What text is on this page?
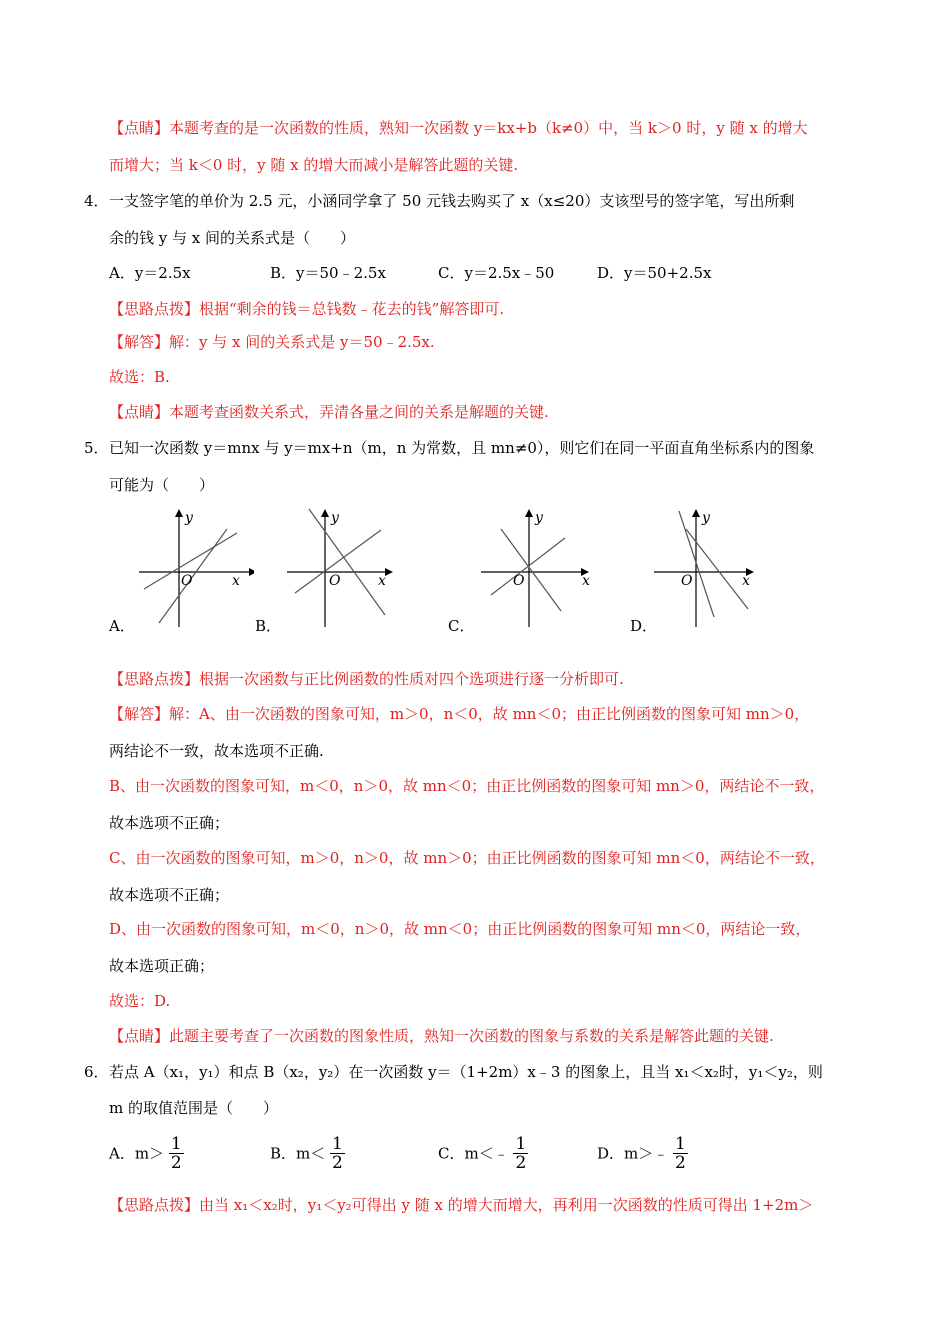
【点睛】本题考查的是一次函数的性质，熟知一次函数 y＝kx+b（k≠0）中，当 k＞0 时，y 随 x 的增大
而增大；当 k＜0 时，y 随 x 的增大而减小是解答此题的关键.
4． 一支签字笔的单价为 2.5 元，小涵同学拿了 50 元钱去购买了 x（x≤20）支该型号的签字笔，写出所剩
余的钱 y 与 x 间的关系式是（　　）
A．y＝2.5x	B．y＝50﹣2.5x	C．y＝2.5x﹣50	D．y＝50+2.5x
【思路点拨】根据“剩余的钱＝总钱数﹣花去的钱”解答即可.
【解答】解：y 与 x 间的关系式是 y＝50﹣2.5x.
故选：B.
【点睛】本题考查函数关系式，弄清各量之间的关系是解题的关键.
5． 已知一次函数 y＝mnx 与 y＝mx+n（m，n 为常数，且 mn≠0），则它们在同一平面直角坐标系内的图象
可能为（　　）
y
x
O
A．
y
x
O
B．
y
x
O
C．
y
x
O
D．
【思路点拨】根据一次函数与正比例函数的性质对四个选项进行逐一分析即可.
【解答】解：A、由一次函数的图象可知，m＞0，n＜0，故 mn＜0；由正比例函数的图象可知 mn＞0，
两结论不一致，故本选项不正确.
B、由一次函数的图象可知，m＜0，n＞0，故 mn＜0；由正比例函数的图象可知 mn＞0，两结论不一致，
故本选项不正确；
C、由一次函数的图象可知，m＞0，n＞0，故 mn＞0；由正比例函数的图象可知 mn＜0，两结论不一致，
故本选项不正确；
D、由一次函数的图象可知，m＜0，n＞0，故 mn＜0；由正比例函数的图象可知 mn＜0，两结论一致，
故本选项正确；
故选：D.
【点睛】此题主要考查了一次函数的图象性质，熟知一次函数的图象与系数的关系是解答此题的关键.
6． 若点 A（x₁，y₁）和点 B（x₂，y₂）在一次函数 y＝（1+2m）x﹣3 的图象上，且当 x₁＜x₂时，y₁＜y₂，则
m 的取值范围是（　　）
A．$m> \frac{1}{2}$	B．$m< \frac{1}{2}$	C．m＜﹣ $\frac{1}{2}$	D．m＞﹣ $\frac{1}{2}$
【思路点拨】由当 x₁＜x₂时，y₁＜y₂可得出 y 随 x 的增大而增大，再利用一次函数的性质可得出 1+2m＞
